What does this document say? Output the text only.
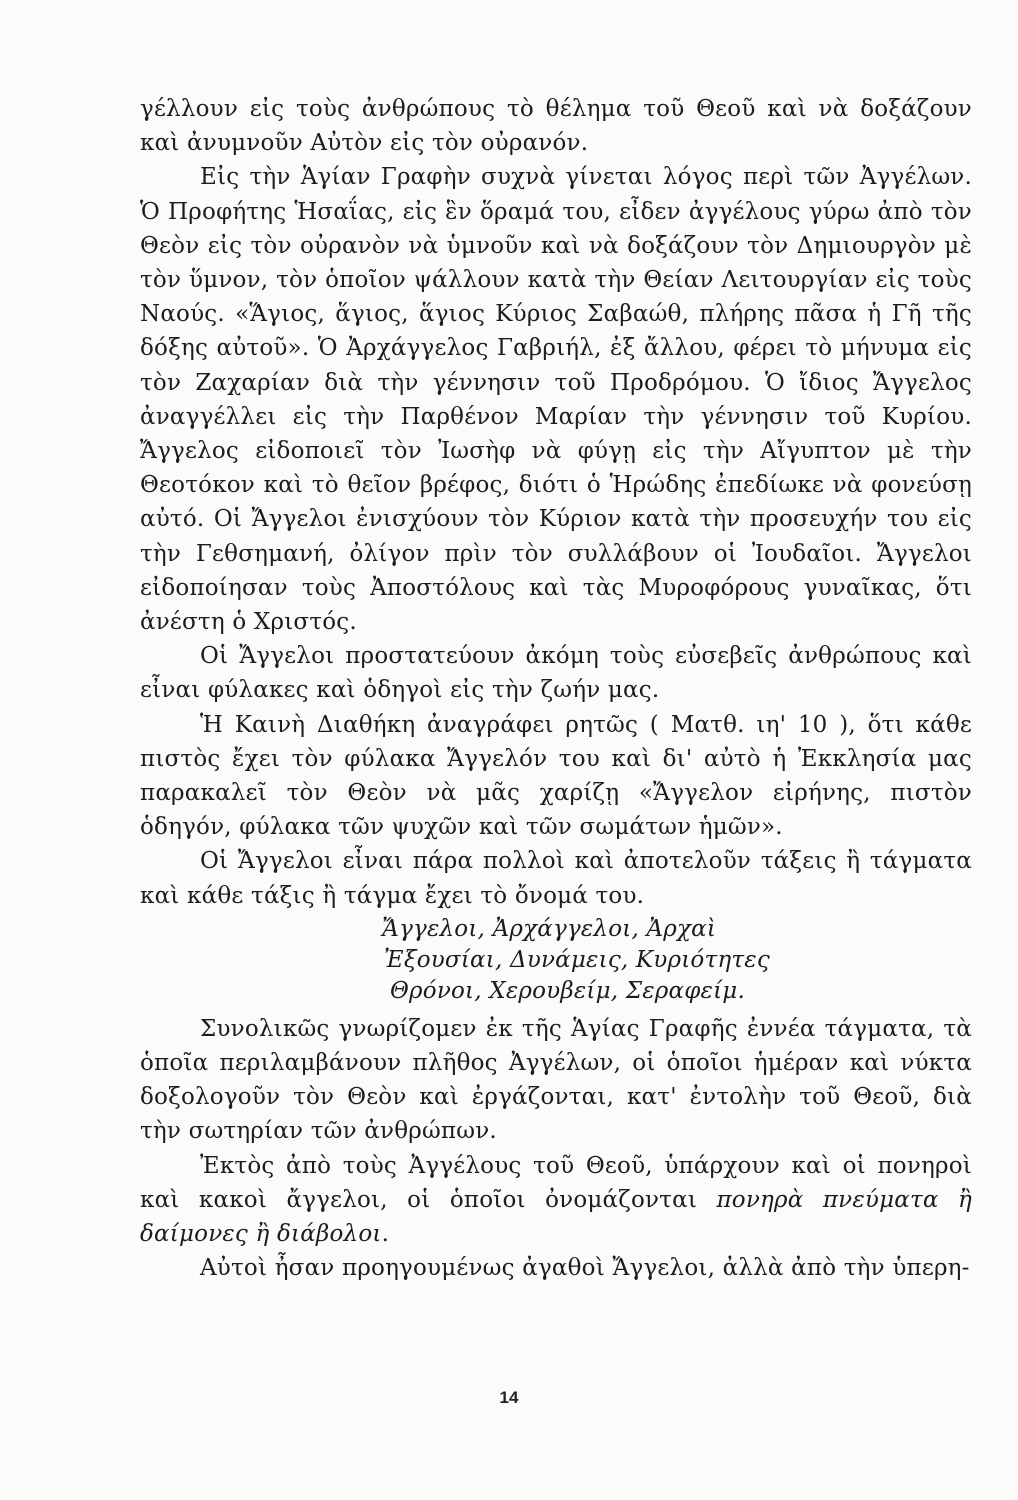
γέλλουν εἰς τοὺς ἀνθρώπους τὸ θέλημα τοῦ Θεοῦ καὶ νὰ δοξάζουν καὶ ἀνυμνοῦν Αὐτὸν εἰς τὸν οὐρανόν.

Εἰς τὴν Ἁγίαν Γραφὴν συχνὰ γίνεται λόγος περὶ τῶν Ἀγγέλων. Ὁ Προφήτης Ἡσαΐας, εἰς ἓν ὅραμά του, εἶδεν ἀγγέλους γύρω ἀπὸ τὸν Θεὸν εἰς τὸν οὐρανὸν νὰ ὑμνοῦν καὶ νὰ δοξάζουν τὸν Δημιουργὸν μὲ τὸν ὕμνον, τὸν ὁποῖον ψάλλουν κατὰ τὴν Θείαν Λειτουργίαν εἰς τοὺς Ναούς. «Ἅγιος, ἅγιος, ἅγιος Κύριος Σαβαώθ, πλήρης πᾶσα ἡ Γῆ τῆς δόξης αὐτοῦ». Ὁ Ἀρχάγγελος Γαβριήλ, ἐξ ἄλλου, φέρει τὸ μήνυμα εἰς τὸν Ζαχαρίαν διὰ τὴν γέννησιν τοῦ Προδρόμου. Ὁ ἴδιος Ἄγγελος ἀναγγέλλει εἰς τὴν Παρθένον Μαρίαν τὴν γέννησιν τοῦ Κυρίου. Ἄγγελος εἰδοποιεῖ τὸν Ἰωσὴφ νὰ φύγῃ εἰς τὴν Αἴγυπτον μὲ τὴν Θεοτόκον καὶ τὸ θεῖον βρέφος, διότι ὁ Ἡρώδης ἐπεδίωκε νὰ φονεύσῃ αὐτό. Οἱ Ἄγγελοι ἐνισχύουν τὸν Κύριον κατὰ τὴν προσευχήν του εἰς τὴν Γεθσημανή, ὀλίγον πρὶν τὸν συλλάβουν οἱ Ἰουδαῖοι. Ἄγγελοι εἰδοποίησαν τοὺς Ἀποστόλους καὶ τὰς Μυροφόρους γυναῖκας, ὅτι ἀνέστη ὁ Χριστός.

Οἱ Ἄγγελοι προστατεύουν ἀκόμη τοὺς εὐσεβεῖς ἀνθρώπους καὶ εἶναι φύλακες καὶ ὁδηγοὶ εἰς τὴν ζωήν μας.

Ἡ Καινὴ Διαθήκη ἀναγράφει ρητῶς ( Ματθ. ιη' 10 ), ὅτι κάθε πιστὸς ἔχει τὸν φύλακα Ἄγγελόν του καὶ δι' αὐτὸ ἡ Ἐκκλησία μας παρακαλεῖ τὸν Θεὸν νὰ μᾶς χαρίζῃ «Ἄγγελον εἰρήνης, πιστὸν ὁδηγόν, φύλακα τῶν ψυχῶν καὶ τῶν σωμάτων ἡμῶν».

Οἱ Ἄγγελοι εἶναι πάρα πολλοὶ καὶ ἀποτελοῦν τάξεις ἢ τάγματα καὶ κάθε τάξις ἢ τάγμα ἔχει τὸ ὄνομά του.

Ἄγγελοι, Ἀρχάγγελοι, Ἀρχαὶ
Ἐξουσίαι, Δυνάμεις, Κυριότητες
Θρόνοι, Χερουβείμ, Σεραφείμ.

Συνολικῶς γνωρίζομεν ἐκ τῆς Ἁγίας Γραφῆς ἐννέα τάγματα, τὰ ὁποῖα περιλαμβάνουν πλῆθος Ἀγγέλων, οἱ ὁποῖοι ἡμέραν καὶ νύκτα δοξολογοῦν τὸν Θεὸν καὶ ἐργάζονται, κατ' ἐντολὴν τοῦ Θεοῦ, διὰ τὴν σωτηρίαν τῶν ἀνθρώπων.

Ἐκτὸς ἀπὸ τοὺς Ἀγγέλους τοῦ Θεοῦ, ὑπάρχουν καὶ οἱ πονηροὶ καὶ κακοὶ ἄγγελοι, οἱ ὁποῖοι ὀνομάζονται πονηρὰ πνεύματα ἢ δαίμονες ἢ διάβολοι.

Αὐτοὶ ἦσαν προηγουμένως ἀγαθοὶ Ἄγγελοι, ἀλλὰ ἀπὸ τὴν ὑπερη-

14
